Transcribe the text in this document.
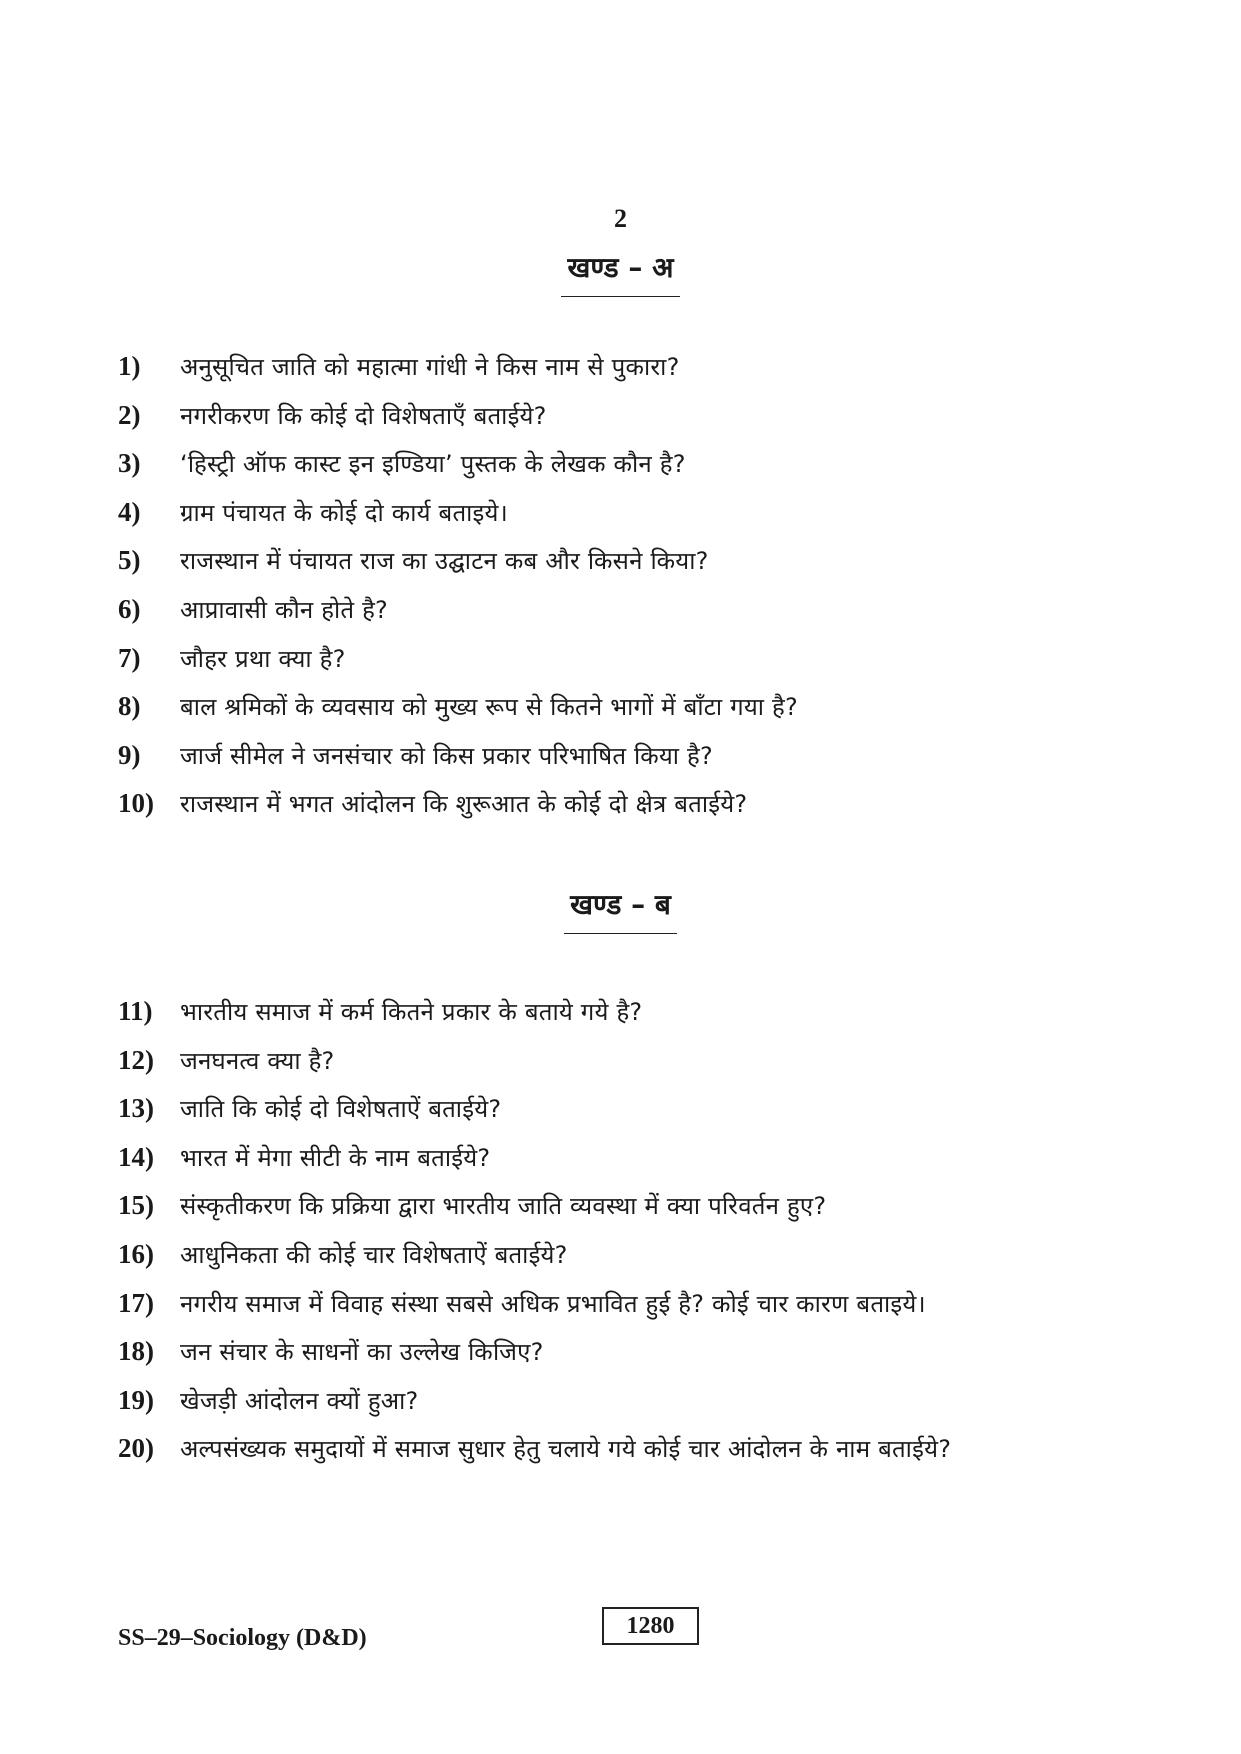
2
खण्ड – अ
1)	अनुसूचित जाति को महात्मा गांधी ने किस नाम से पुकारा?
2)	नगरीकरण कि कोई दो विशेषताएँ बताईये?
3)	‘हिस्ट्री ऑफ कास्ट इन इण्डिया’ पुस्तक के लेखक कौन है?
4)	ग्राम पंचायत के कोई दो कार्य बताइये।
5)	राजस्थान में पंचायत राज का उद्घाटन कब और किसने किया?
6)	आप्रावासी कौन होते है?
7)	जौहर प्रथा क्या है?
8)	बाल श्रमिकों के व्यवसाय को मुख्य रूप से कितने भागों में बाँटा गया है?
9)	जार्ज सीमेल ने जनसंचार को किस प्रकार परिभाषित किया है?
10)	राजस्थान में भगत आंदोलन कि शुरूआत के कोई दो क्षेत्र बताईये?
खण्ड – ब
11)	भारतीय समाज में कर्म कितने प्रकार के बताये गये है?
12)	जनघनत्व क्या है?
13)	जाति कि कोई दो विशेषताऐं बताईये?
14)	भारत में मेगा सीटी के नाम बताईये?
15)	संस्कृतीकरण कि प्रक्रिया द्वारा भारतीय जाति व्यवस्था में क्या परिवर्तन हुए?
16)	आधुनिकता की कोई चार विशेषताऐं बताईये?
17)	नगरीय समाज में विवाह संस्था सबसे अधिक प्रभावित हुई है? कोई चार कारण बताइये।
18)	जन संचार के साधनों का उल्लेख किजिए?
19)	खेजड़ी आंदोलन क्यों हुआ?
20)	अल्पसंख्यक समुदायों में समाज सुधार हेतु चलाये गये कोई चार आंदोलन के नाम बताईये?
SS–29–Sociology (D&D)	1280
